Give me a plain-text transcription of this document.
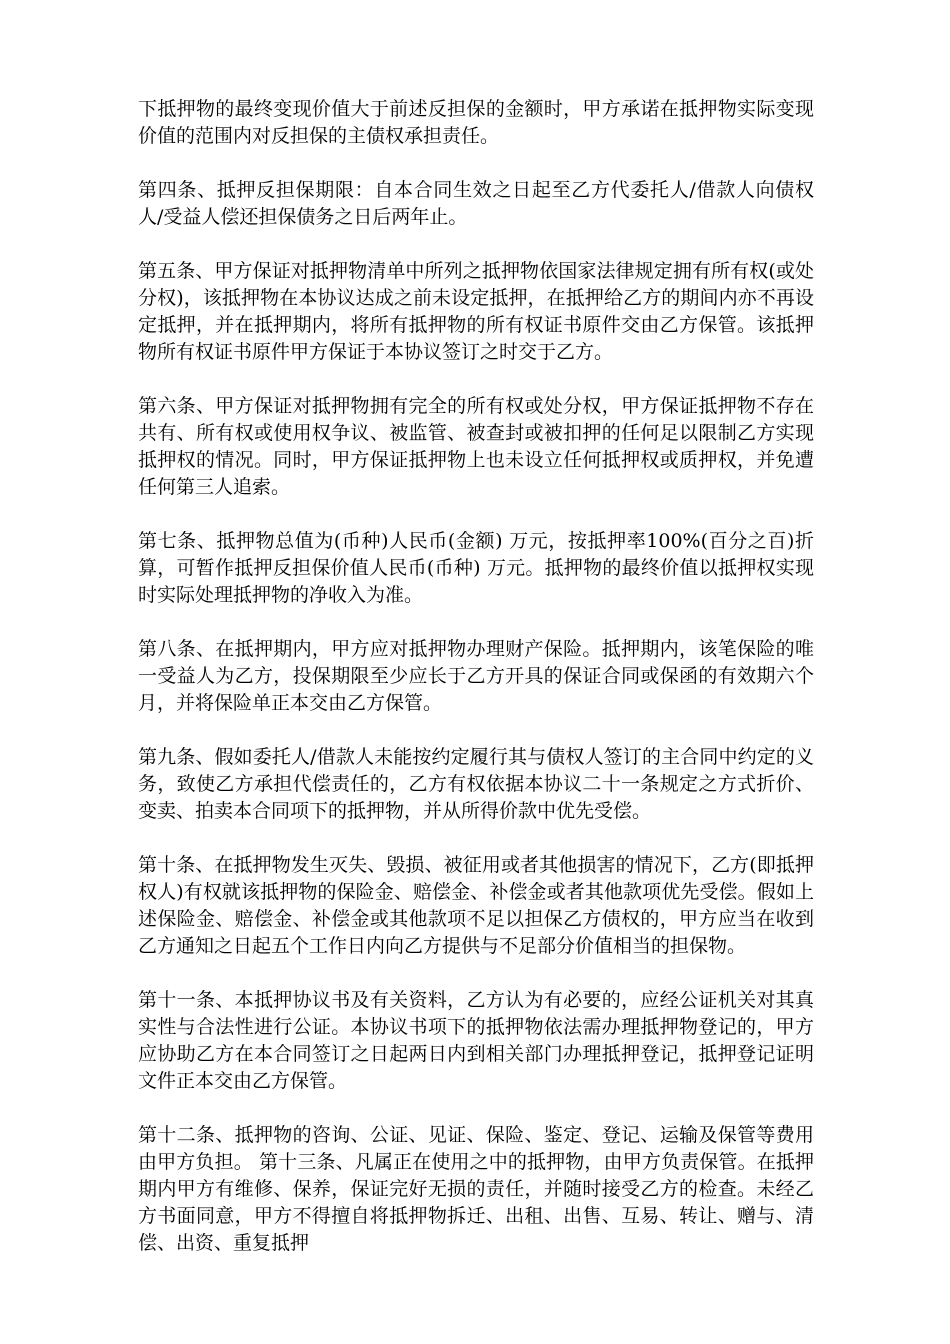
下抵押物的最终变现价值大于前述反担保的金额时，甲方承诺在抵押物实际变现价值的范围内对反担保的主债权承担责任。

第四条、抵押反担保期限：自本合同生效之日起至乙方代委托人/借款人向债权人/受益人偿还担保债务之日后两年止。

第五条、甲方保证对抵押物清单中所列之抵押物依国家法律规定拥有所有权(或处分权)，该抵押物在本协议达成之前未设定抵押，在抵押给乙方的期间内亦不再设定抵押，并在抵押期内，将所有抵押物的所有权证书原件交由乙方保管。该抵押物所有权证书原件甲方保证于本协议签订之时交于乙方。

第六条、甲方保证对抵押物拥有完全的所有权或处分权，甲方保证抵押物不存在共有、所有权或使用权争议、被监管、被查封或被扣押的任何足以限制乙方实现抵押权的情况。同时，甲方保证抵押物上也未设立任何抵押权或质押权，并免遭任何第三人追索。

第七条、抵押物总值为(币种)人民币(金额) 万元，按抵押率100%(百分之百)折算，可暂作抵押反担保价值人民币(币种) 万元。抵押物的最终价值以抵押权实现时实际处理抵押物的净收入为准。

第八条、在抵押期内，甲方应对抵押物办理财产保险。抵押期内，该笔保险的唯一受益人为乙方，投保期限至少应长于乙方开具的保证合同或保函的有效期六个月，并将保险单正本交由乙方保管。

第九条、假如委托人/借款人未能按约定履行其与债权人签订的主合同中约定的义务，致使乙方承担代偿责任的，乙方有权依据本协议二十一条规定之方式折价、变卖、拍卖本合同项下的抵押物，并从所得价款中优先受偿。

第十条、在抵押物发生灭失、毁损、被征用或者其他损害的情况下，乙方(即抵押权人)有权就该抵押物的保险金、赔偿金、补偿金或者其他款项优先受偿。假如上述保险金、赔偿金、补偿金或其他款项不足以担保乙方债权的，甲方应当在收到乙方通知之日起五个工作日内向乙方提供与不足部分价值相当的担保物。

第十一条、本抵押协议书及有关资料，乙方认为有必要的，应经公证机关对其真实性与合法性进行公证。本协议书项下的抵押物依法需办理抵押物登记的，甲方应协助乙方在本合同签订之日起两日内到相关部门办理抵押登记，抵押登记证明文件正本交由乙方保管。

第十二条、抵押物的咨询、公证、见证、保险、鉴定、登记、运输及保管等费用由甲方负担。 第十三条、凡属正在使用之中的抵押物，由甲方负责保管。在抵押期内甲方有维修、保养，保证完好无损的责任，并随时接受乙方的检查。未经乙方书面同意，甲方不得擅自将抵押物拆迁、出租、出售、互易、转让、赠与、清偿、出资、重复抵押
